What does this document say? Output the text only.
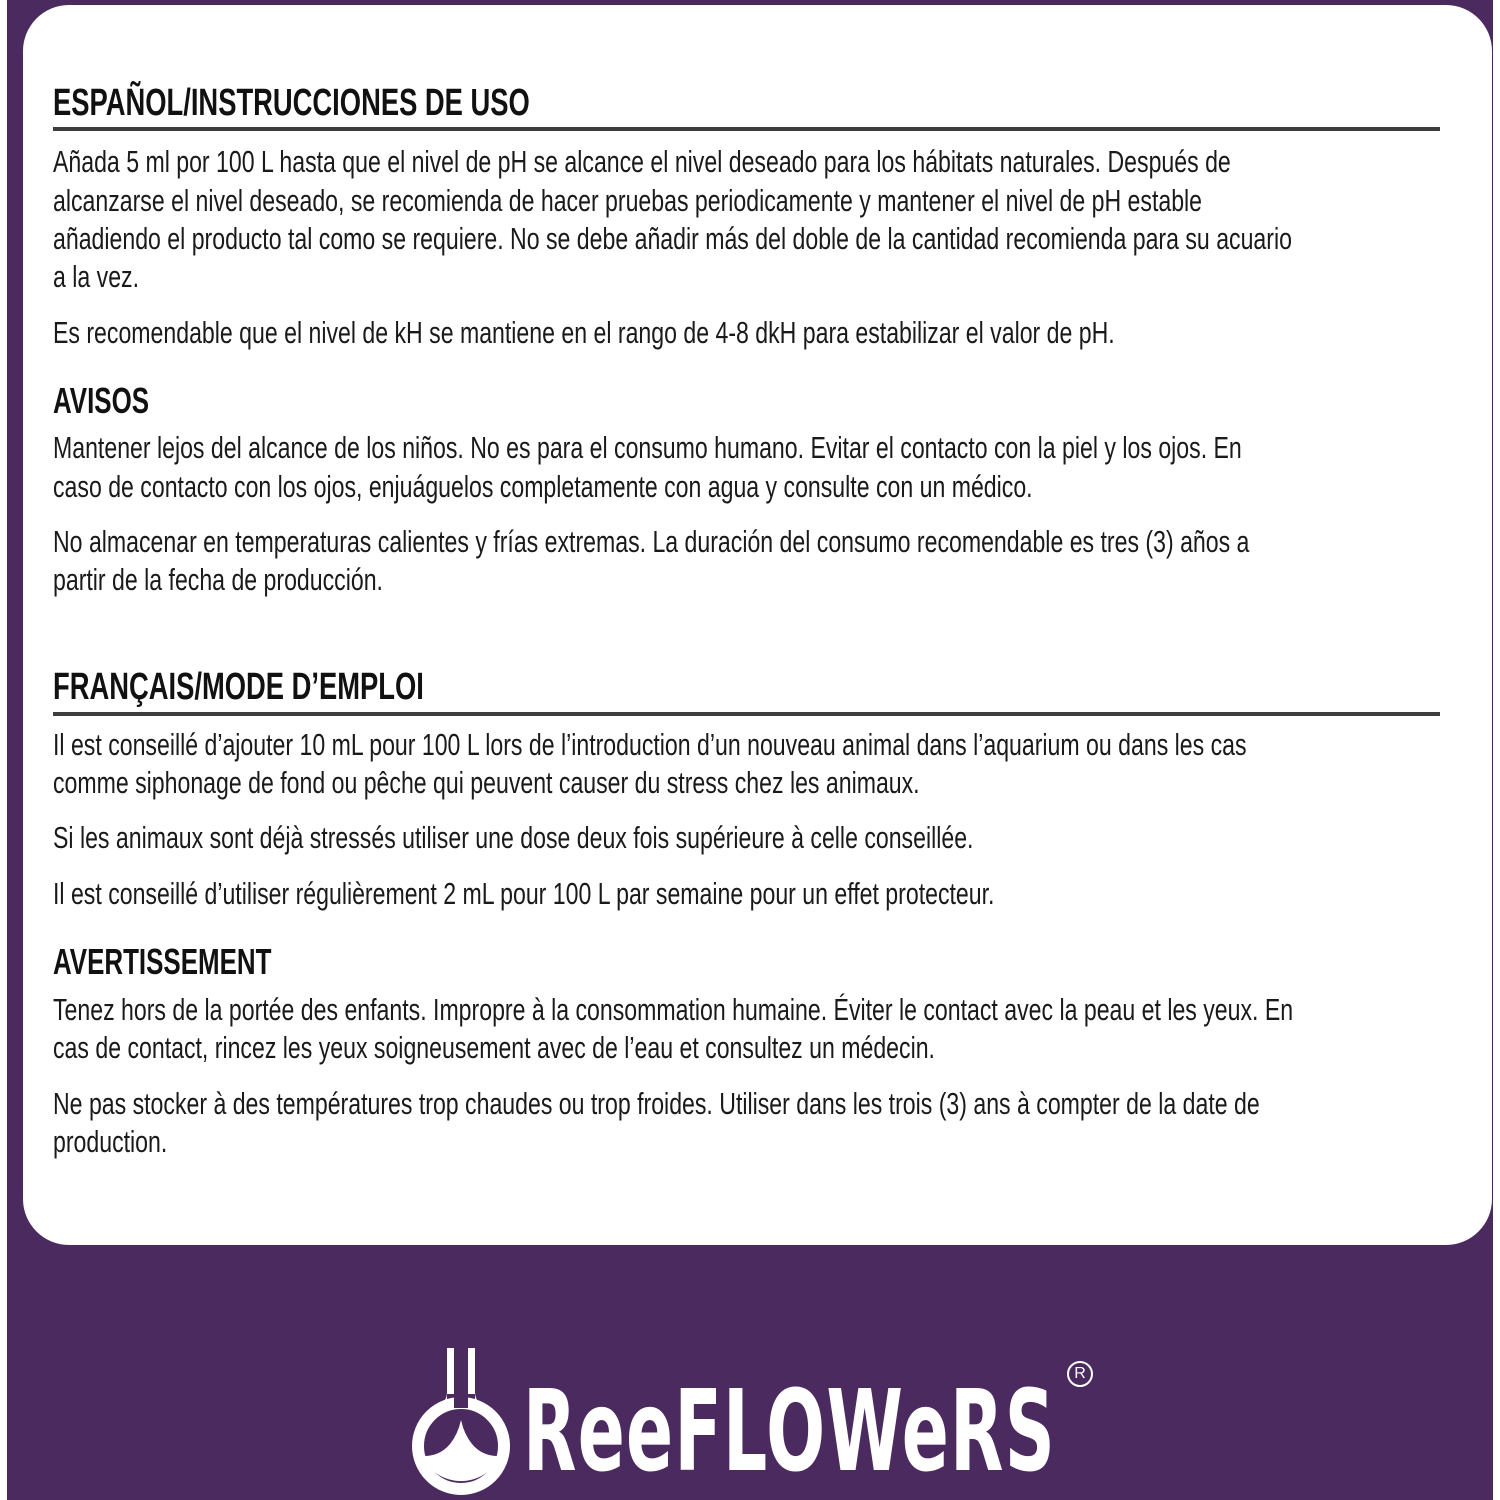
ESPAÑOL/INSTRUCCIONES DE USO
Añada 5 ml por 100 L hasta que el nivel de pH se alcance el nivel deseado para los hábitats naturales. Después de
alcanzarse el nivel deseado, se recomienda de hacer pruebas periodicamente y mantener el nivel de pH estable
añadiendo el producto tal como se requiere. No se debe añadir más del doble de la cantidad recomienda para su acuario
a la vez.
Es recomendable que el nivel de kH se mantiene en el rango de 4-8 dkH para estabilizar el valor de pH.
AVISOS
Mantener lejos del alcance de los niños. No es para el consumo humano. Evitar el contacto con la piel y los ojos. En
caso de contacto con los ojos, enjuáguelos completamente con agua y consulte con un médico.
No almacenar en temperaturas calientes y frías extremas. La duración del consumo recomendable es tres (3) años a
partir de la fecha de producción.
FRANÇAIS/MODE D’EMPLOI
Il est conseillé d’ajouter 10 mL pour 100 L lors de l’introduction d’un nouveau animal dans l’aquarium ou dans les cas
comme siphonage de fond ou pêche qui peuvent causer du stress chez les animaux.
Si les animaux sont déjà stressés utiliser une dose deux fois supérieure à celle conseillée.
Il est conseillé d’utiliser régulièrement 2 mL pour 100 L par semaine pour un effet protecteur.
AVERTISSEMENT
Tenez hors de la portée des enfants. Impropre à la consommation humaine. Éviter le contact avec la peau et les yeux. En
cas de contact, rincez les yeux soigneusement avec de l’eau et consultez un médecin.
Ne pas stocker à des températures trop chaudes ou trop froides. Utiliser dans les trois (3) ans à compter de la date de
production.
ReeFLOWeRS	R
